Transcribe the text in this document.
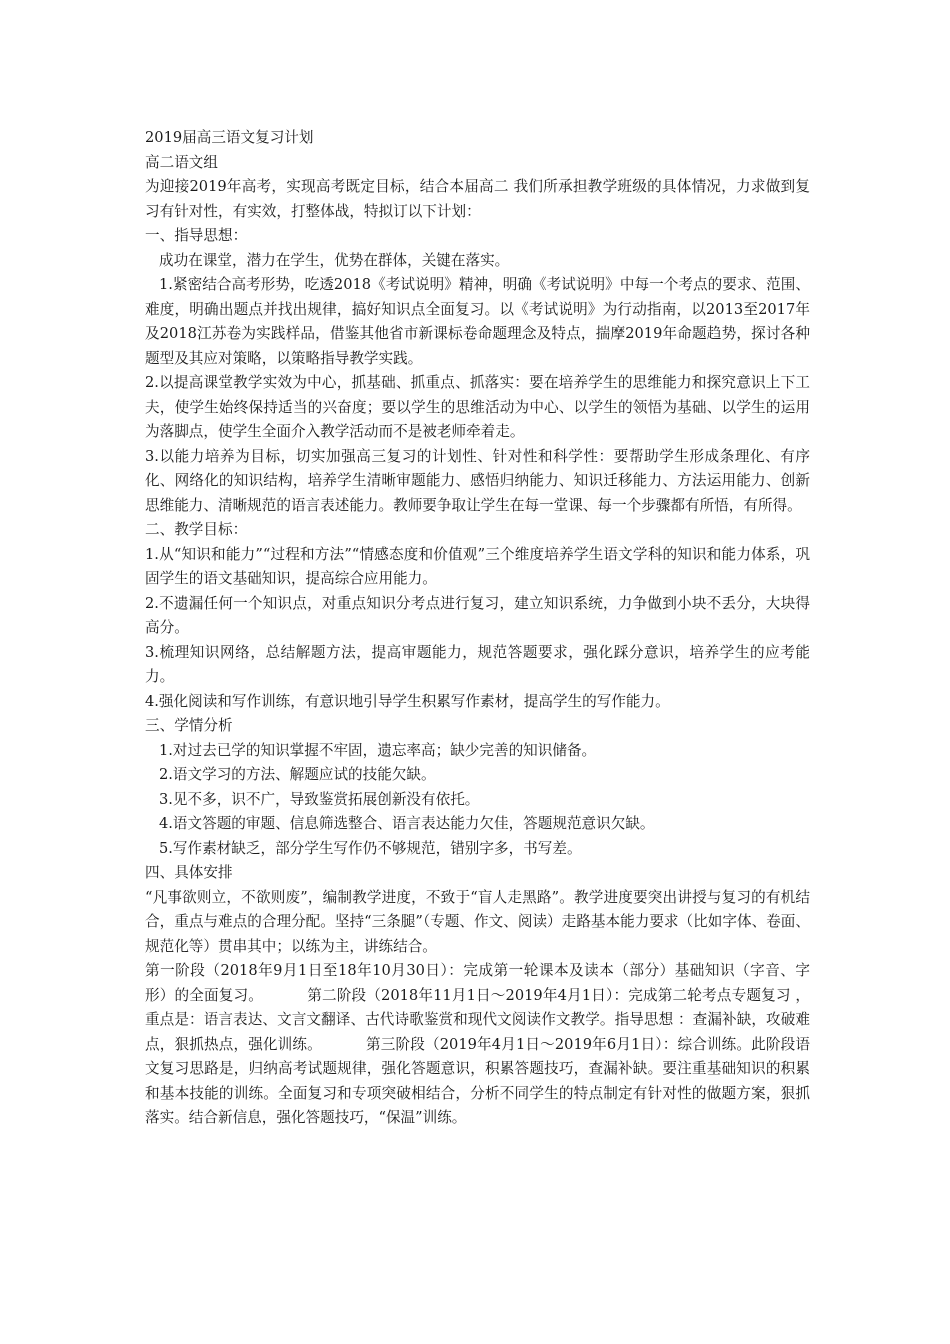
2019届高三语文复习计划

高二语文组

为迎接2019年高考，实现高考既定目标，结合本届高二 我们所承担教学班级的具体情况，力求做到复习有针对性，有实效，打整体战，特拟订以下计划：

一、指导思想：

成功在课堂，潜力在学生，优势在群体，关键在落实。

1.紧密结合高考形势，吃透2018《考试说明》精神，明确《考试说明》中每一个考点的要求、范围、难度，明确出题点并找出规律，搞好知识点全面复习。以《考试说明》为行动指南，以2013至2017年及2018江苏卷为实践样品，借鉴其他省市新课标卷命题理念及特点，揣摩2019年命题趋势，探讨各种题型及其应对策略，以策略指导教学实践。

2.以提高课堂教学实效为中心，抓基础、抓重点、抓落实：要在培养学生的思维能力和探究意识上下工夫，使学生始终保持适当的兴奋度；要以学生的思维活动为中心、以学生的领悟为基础、以学生的运用为落脚点，使学生全面介入教学活动而不是被老师牵着走。

3.以能力培养为目标，切实加强高三复习的计划性、针对性和科学性：要帮助学生形成条理化、有序化、网络化的知识结构，培养学生清晰审题能力、感悟归纳能力、知识迁移能力、方法运用能力、创新思维能力、清晰规范的语言表述能力。教师要争取让学生在每一堂课、每一个步骤都有所悟，有所得。

二、教学目标：

1.从“知识和能力”“过程和方法”“情感态度和价值观”三个维度培养学生语文学科的知识和能力体系，巩固学生的语文基础知识，提高综合应用能力。

2.不遗漏任何一个知识点，对重点知识分考点进行复习，建立知识系统，力争做到小块不丢分，大块得高分。

3.梳理知识网络，总结解题方法，提高审题能力，规范答题要求，强化踩分意识，培养学生的应考能力。

4.强化阅读和写作训练，有意识地引导学生积累写作素材，提高学生的写作能力。

三、学情分析

1.对过去已学的知识掌握不牢固，遗忘率高；缺少完善的知识储备。

2.语文学习的方法、解题应试的技能欠缺。

3.见不多，识不广，导致鉴赏拓展创新没有依托。

4.语文答题的审题、信息筛选整合、语言表达能力欠佳，答题规范意识欠缺。

5.写作素材缺乏，部分学生写作仍不够规范，错别字多，书写差。

四、具体安排

“凡事欲则立，不欲则废”，编制教学进度，不致于“盲人走黑路”。教学进度要突出讲授与复习的有机结合，重点与难点的合理分配。坚持“三条腿”（专题、作文、阅读）走路基本能力要求（比如字体、卷面、规范化等）贯串其中；以练为主，讲练结合。

第一阶段（2018年9月1日至18年10月30日）：完成第一轮课本及读本（部分）基础知识（字音、字形）的全面复习。	第二阶段（2018年11月1日～2019年4月1日）：完成第二轮考点专题复习 ，重点是：语言表达、文言文翻译、古代诗歌鉴赏和现代文阅读作文教学。指导思想 ：查漏补缺，攻破难点，狠抓热点，强化训练。	第三阶段（2019年4月1日～2019年6月1日）：综合训练。此阶段语文复习思路是，归纳高考试题规律，强化答题意识，积累答题技巧，查漏补缺。要注重基础知识的积累和基本技能的训练。全面复习和专项突破相结合，分析不同学生的特点制定有针对性的做题方案，狠抓落实。结合新信息，强化答题技巧，“保温”训练。
